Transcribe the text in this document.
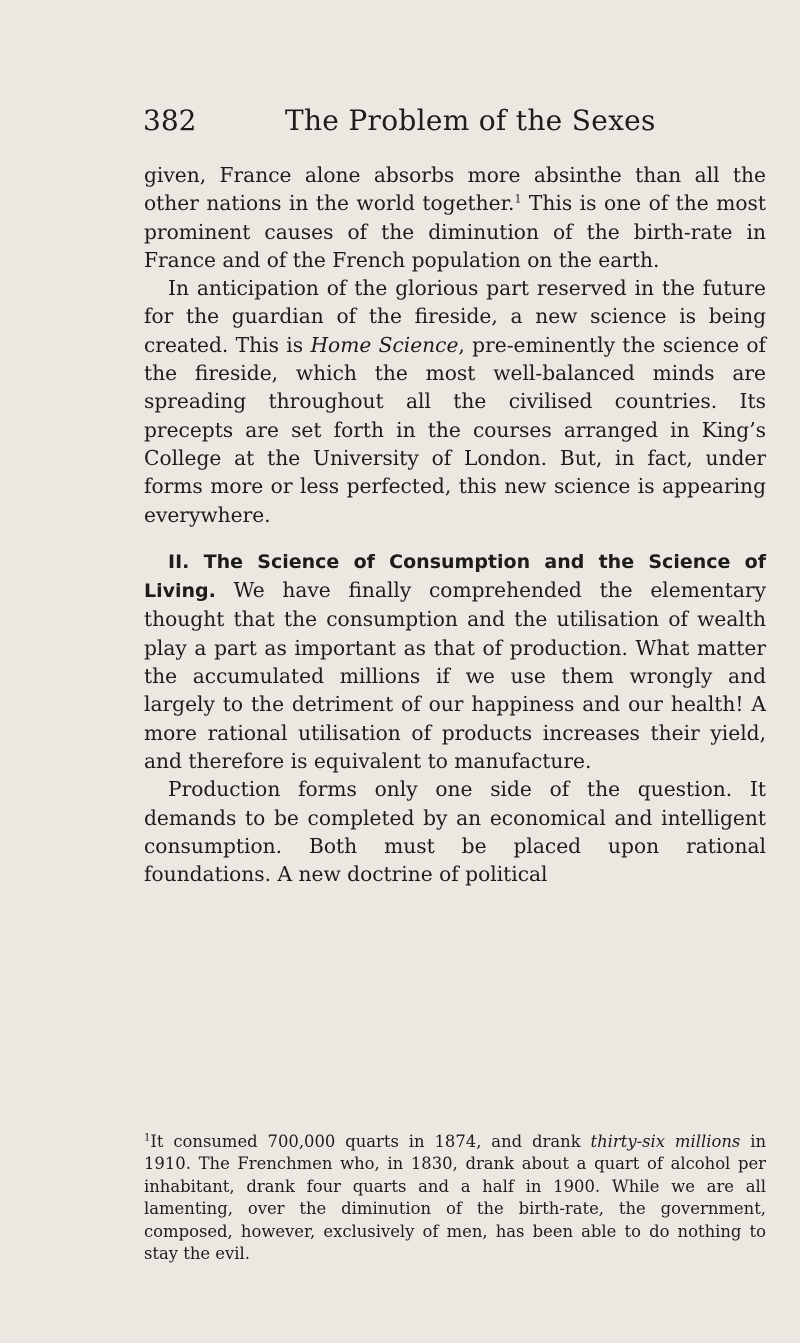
382	The Problem of the Sexes

given, France alone absorbs more absinthe than all the other nations in the world together.$^1$ This is one of the most prominent causes of the diminution of the birth-rate in France and of the French population on the earth.

In anticipation of the glorious part reserved in the future for the guardian of the fireside, a new science is being created. This is Home Science, pre-eminently the science of the fireside, which the most well-balanced minds are spreading throughout all the civilised countries. Its precepts are set forth in the courses arranged in King’s College at the University of London. But, in fact, under forms more or less perfected, this new science is appearing everywhere.

II. The Science of Consumption and the Science of Living. We have finally comprehended the elementary thought that the consumption and the utilisation of wealth play a part as important as that of production. What matter the accumulated millions if we use them wrongly and largely to the detriment of our happiness and our health! A more rational utilisation of products increases their yield, and therefore is equivalent to manufacture.

Production forms only one side of the question. It demands to be completed by an economical and intelligent consumption. Both must be placed upon rational foundations. A new doctrine of political

$^1$It consumed 700,000 quarts in 1874, and drank thirty-six millions in 1910. The Frenchmen who, in 1830, drank about a quart of alcohol per inhabitant, drank four quarts and a half in 1900. While we are all lamenting, over the diminution of the birth-rate, the government, composed, however, exclusively of men, has been able to do nothing to stay the evil.
